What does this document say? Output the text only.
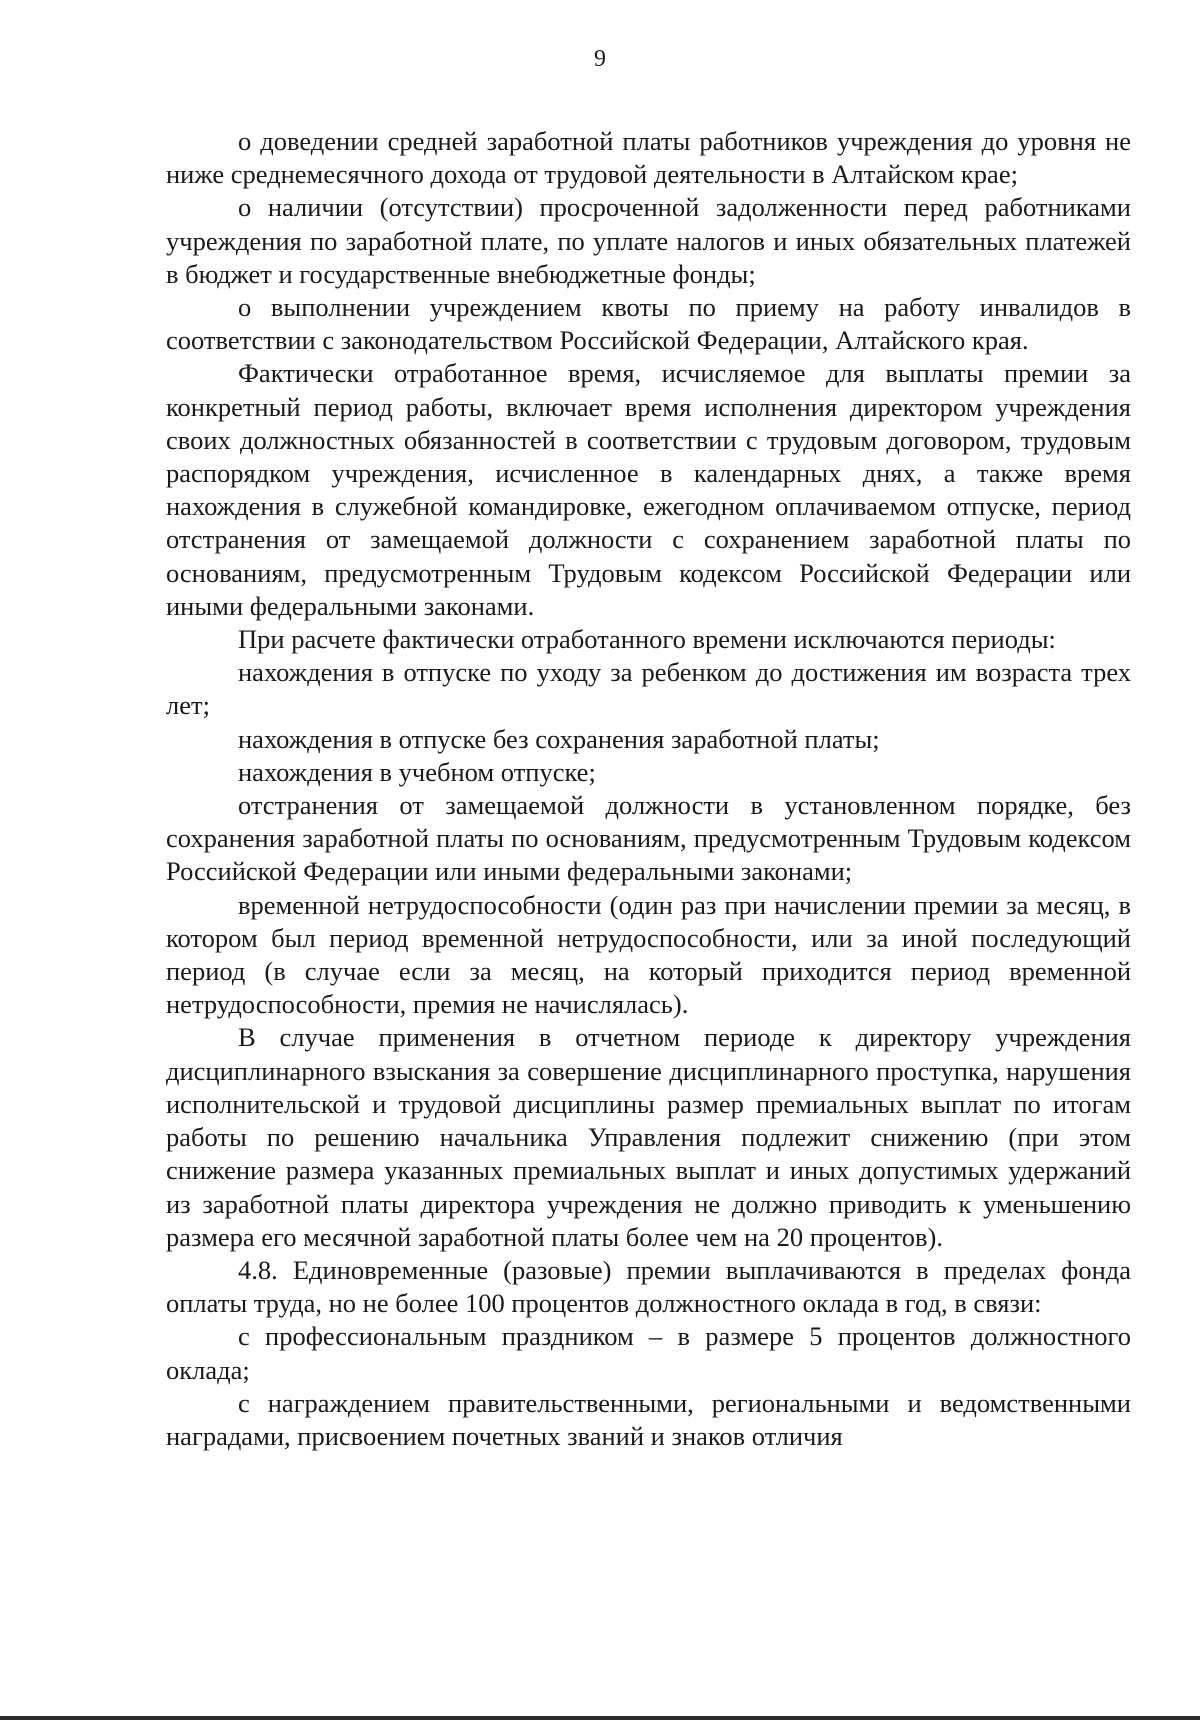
9

о доведении средней заработной платы работников учреждения до уровня не ниже среднемесячного дохода от трудовой деятельности в Алтайском крае;

о наличии (отсутствии) просроченной задолженности перед работниками учреждения по заработной плате, по уплате налогов и иных обязательных платежей в бюджет и государственные внебюджетные фонды;

о выполнении учреждением квоты по приему на работу инвалидов в соответствии с законодательством Российской Федерации, Алтайского края.

Фактически отработанное время, исчисляемое для выплаты премии за конкретный период работы, включает время исполнения директором учреждения своих должностных обязанностей в соответствии с трудовым договором, трудовым распорядком учреждения, исчисленное в календарных днях, а также время нахождения в служебной командировке, ежегодном оплачиваемом отпуске, период отстранения от замещаемой должности с сохранением заработной платы по основаниям, предусмотренным Трудовым кодексом Российской Федерации или иными федеральными законами.

При расчете фактически отработанного времени исключаются периоды:

нахождения в отпуске по уходу за ребенком до достижения им возраста трех лет;

нахождения в отпуске без сохранения заработной платы;

нахождения в учебном отпуске;

отстранения от замещаемой должности в установленном порядке, без сохранения заработной платы по основаниям, предусмотренным Трудовым кодексом Российской Федерации или иными федеральными законами;

временной нетрудоспособности (один раз при начислении премии за месяц, в котором был период временной нетрудоспособности, или за иной последующий период (в случае если за месяц, на который приходится период временной нетрудоспособности, премия не начислялась).

В случае применения в отчетном периоде к директору учреждения дисциплинарного взыскания за совершение дисциплинарного проступка, нарушения исполнительской и трудовой дисциплины размер премиальных выплат по итогам работы по решению начальника Управления подлежит снижению (при этом снижение размера указанных премиальных выплат и иных допустимых удержаний из заработной платы директора учреждения не должно приводить к уменьшению размера его месячной заработной платы более чем на 20 процентов).

4.8. Единовременные (разовые) премии выплачиваются в пределах фонда оплаты труда, но не более 100 процентов должностного оклада в год, в связи:

с профессиональным праздником – в размере 5 процентов должностного оклада;

с награждением правительственными, региональными и ведомственными наградами, присвоением почетных званий и знаков отличия
